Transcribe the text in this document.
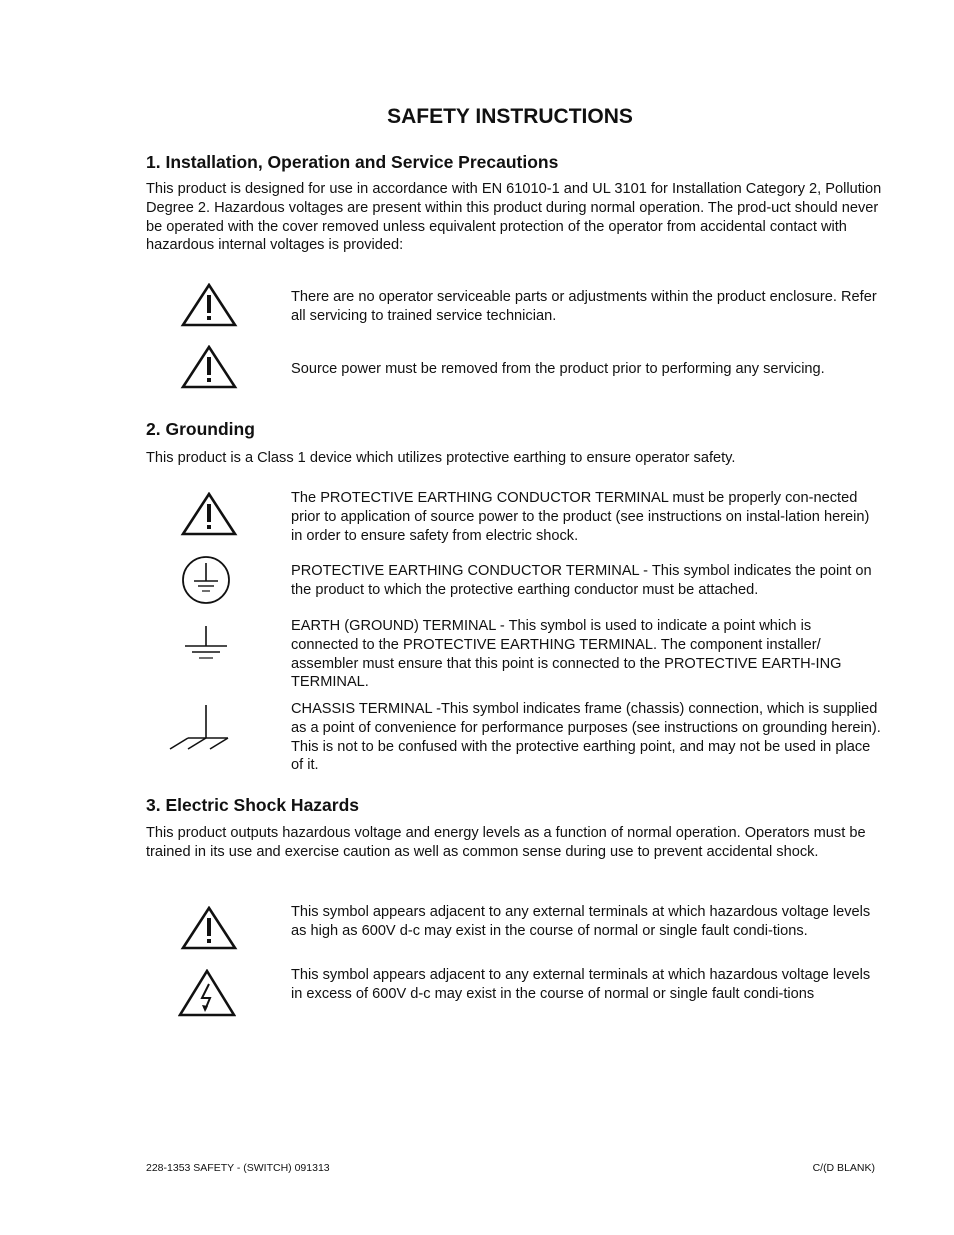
SAFETY INSTRUCTIONS
1. Installation, Operation and Service Precautions
This product is designed for use in accordance with EN 61010-1 and UL 3101 for Installation Category 2, Pollution Degree 2. Hazardous voltages are present within this product during normal operation. The prod-uct should never be operated with the cover removed unless equivalent protection of the operator from accidental contact with hazardous internal voltages is provided:
There are no operator serviceable parts or adjustments within the product enclosure. Refer all servicing to trained service technician.
Source power must be removed from the product prior to performing any servicing.
2. Grounding
This product is a Class 1 device which utilizes protective earthing to ensure operator safety.
The PROTECTIVE EARTHING CONDUCTOR TERMINAL must be properly con-nected prior to application of source power to the product (see instructions on instal-lation herein) in order to ensure safety from electric shock.
PROTECTIVE EARTHING CONDUCTOR TERMINAL - This symbol indicates the point on the product to which the protective earthing conductor must be attached.
EARTH (GROUND) TERMINAL - This symbol is used to indicate a point which is connected to the PROTECTIVE EARTHING TERMINAL. The component installer/ assembler must ensure that this point is connected to the PROTECTIVE EARTH-ING TERMINAL.
CHASSIS TERMINAL -This symbol indicates frame (chassis) connection, which is supplied as a point of convenience for performance purposes (see instructions on grounding herein). This is not to be confused with the protective earthing point, and may not be used in place of it.
3. Electric Shock Hazards
This product outputs hazardous voltage and energy levels as a function of normal operation. Operators must be trained in its use and exercise caution as well as common sense during use to prevent accidental shock.
This symbol appears adjacent to any external terminals at which hazardous voltage levels as high as 600V d-c may exist in the course of normal or single fault condi-tions.
This symbol appears adjacent to any external terminals at which hazardous voltage levels in excess of 600V d-c may exist in the course of normal or single fault condi-tions
228-1353 SAFETY - (SWITCH) 091313	C/(D BLANK)
